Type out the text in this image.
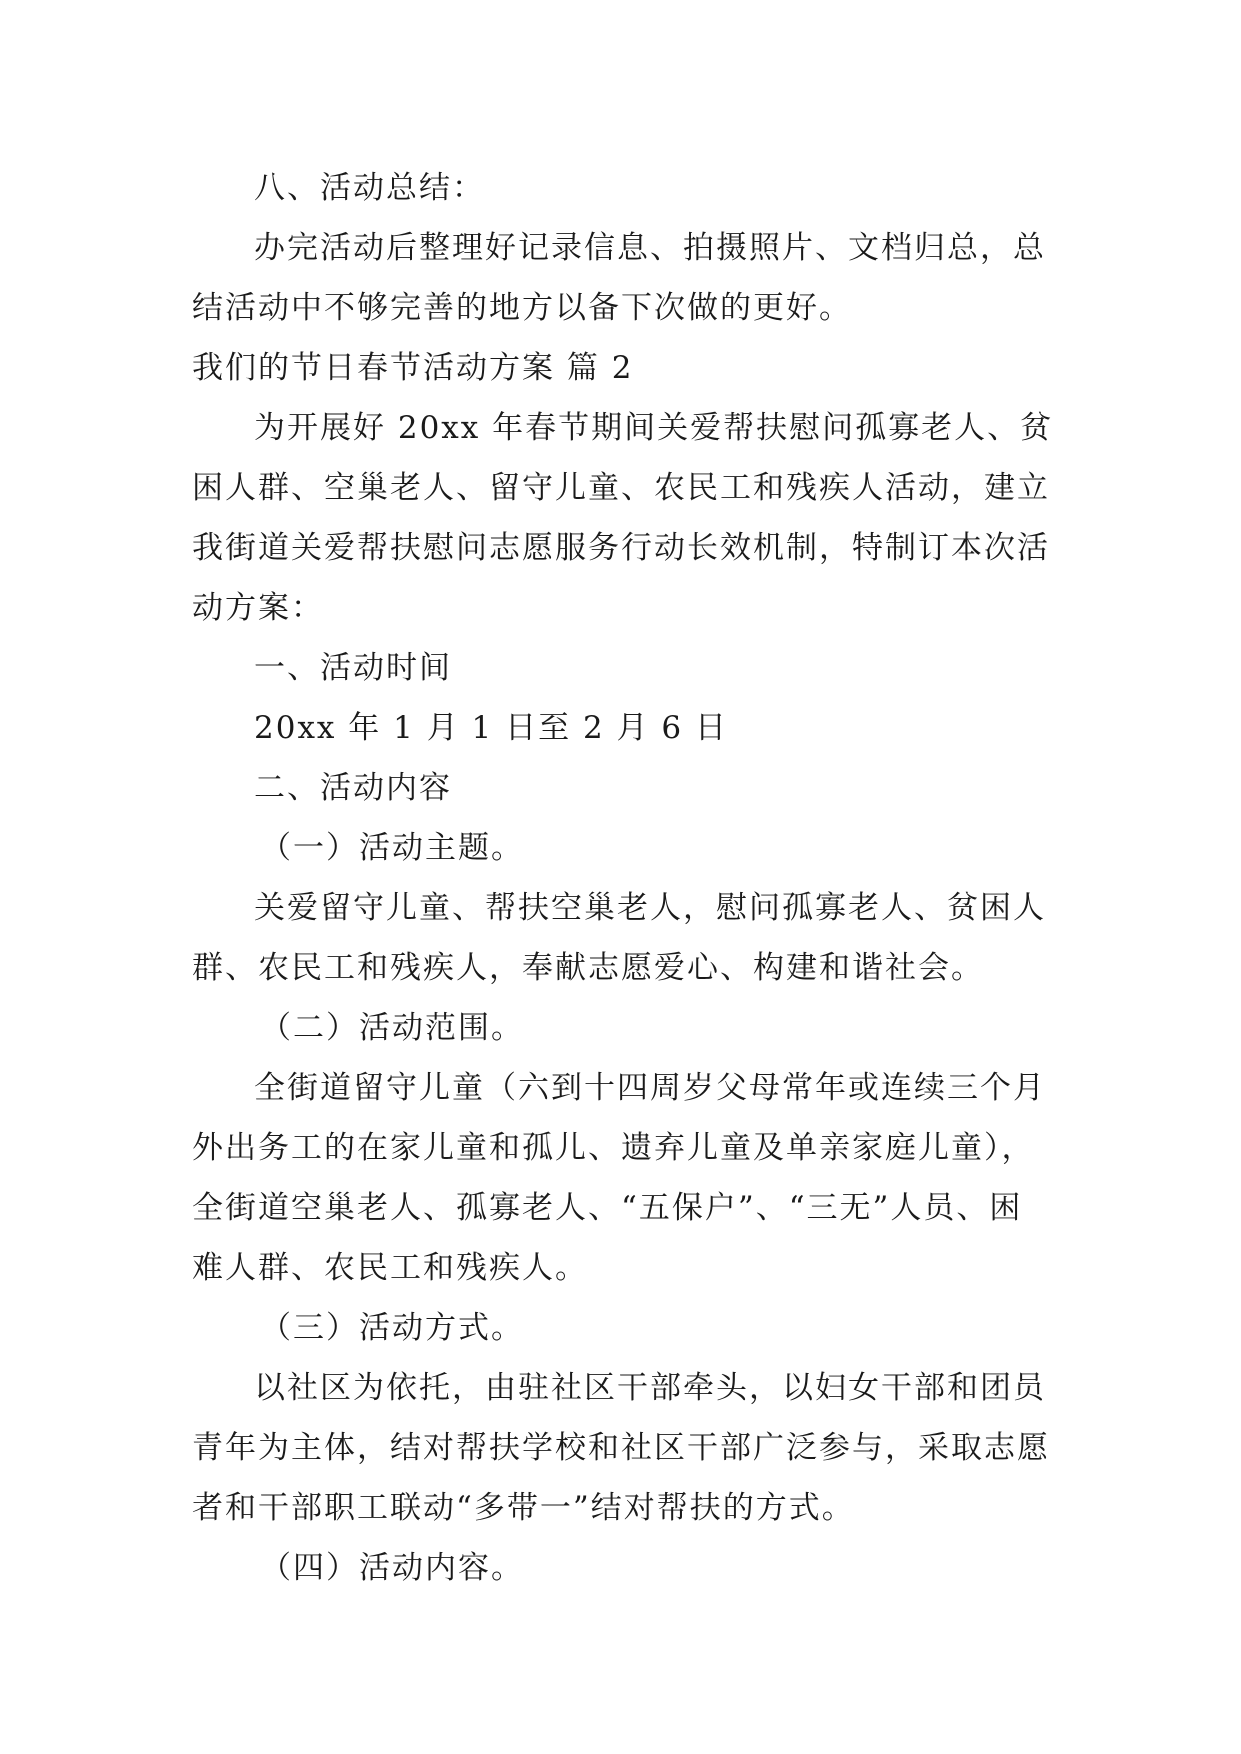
八、活动总结：
办完活动后整理好记录信息、拍摄照片、文档归总，总
结活动中不够完善的地方以备下次做的更好。
我们的节日春节活动方案 篇 2
为开展好 20xx 年春节期间关爱帮扶慰问孤寡老人、贫
困人群、空巢老人、留守儿童、农民工和残疾人活动，建立
我街道关爱帮扶慰问志愿服务行动长效机制，特制订本次活
动方案：
一、活动时间
20xx 年 1 月 1 日至 2 月 6 日
二、活动内容
（一）活动主题。
关爱留守儿童、帮扶空巢老人，慰问孤寡老人、贫困人
群、农民工和残疾人，奉献志愿爱心、构建和谐社会。
（二）活动范围。
全街道留守儿童（六到十四周岁父母常年或连续三个月
外出务工的在家儿童和孤儿、遗弃儿童及单亲家庭儿童），
全街道空巢老人、孤寡老人、“五保户”、“三无”人员、困
难人群、农民工和残疾人。
（三）活动方式。
以社区为依托，由驻社区干部牵头，以妇女干部和团员
青年为主体，结对帮扶学校和社区干部广泛参与，采取志愿
者和干部职工联动“多带一”结对帮扶的方式。
（四）活动内容。
